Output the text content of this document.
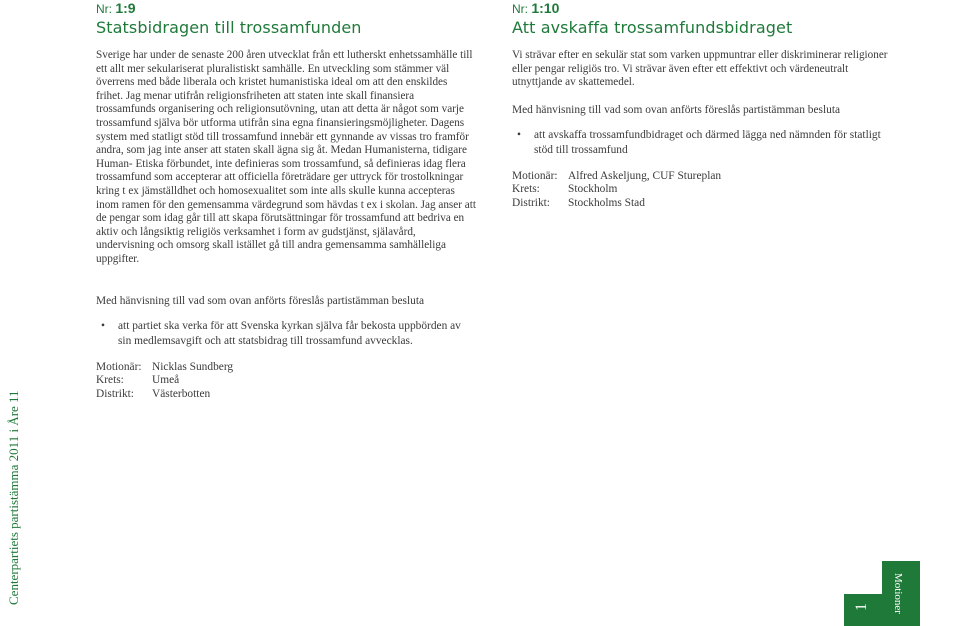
Centerpartiets partistämma 2011 i Åre 11
Nr: 1:9
Statsbidragen till trossamfunden
Sverige har under de senaste 200 åren utvecklat från ett lutherskt enhetssamhälle till ett allt mer sekulariserat pluralistiskt samhälle. En utveckling som stämmer väl överrens med både liberala och kristet humanistiska ideal om att den enskildes frihet. Jag menar utifrån religionsfriheten att staten inte skall finansiera trossamfunds organisering och religionsutövning, utan att detta är något som varje trossamfund själva bör utforma utifrån sina egna finansieringsmöjligheter. Dagens system med statligt stöd till trossamfund innebär ett gynnande av vissas tro framför andra, som jag inte anser att staten skall ägna sig åt. Medan Humanisterna, tidigare Human- Etiska förbundet, inte definieras som trossamfund, så definieras idag flera trossamfund som accepterar att officiella företrädare ger uttryck för trostolkningar kring t ex jämställdhet och homosexualitet som inte alls skulle kunna accepteras inom ramen för den gemensamma värdegrund som hävdas t ex i skolan. Jag anser att de pengar som idag går till att skapa förutsättningar för trossamfund att bedriva en aktiv och långsiktig religiös verksamhet i form av gudstjänst, själavård, undervisning och omsorg skall istället gå till andra gemensamma samhälleliga uppgifter.
Med hänvisning till vad som ovan anförts föreslås partistämman besluta
• att partiet ska verka för att Svenska kyrkan själva får bekosta uppbörden av sin medlemsavgift och att statsbidrag till trossamfund avvecklas.
Motionär: Nicklas Sundberg
Krets:	Umeå
Distrikt:	Västerbotten
Nr: 1:10
Att avskaffa trossamfundsbidraget
Vi strävar efter en sekulär stat som varken uppmuntrar eller diskriminerar religioner eller pengar religiös tro. Vi strävar även efter ett effektivt och värdeneutralt utnyttjande av skattemedel.
Med hänvisning till vad som ovan anförts föreslås partistämman besluta
• att avskaffa trossamfundbidraget och därmed lägga ned nämnden för statligt stöd till trossamfund
Motionär: Alfred Askeljung, CUF Stureplan
Krets:	Stockholm
Distrikt:	Stockholms Stad
1 Motioner
